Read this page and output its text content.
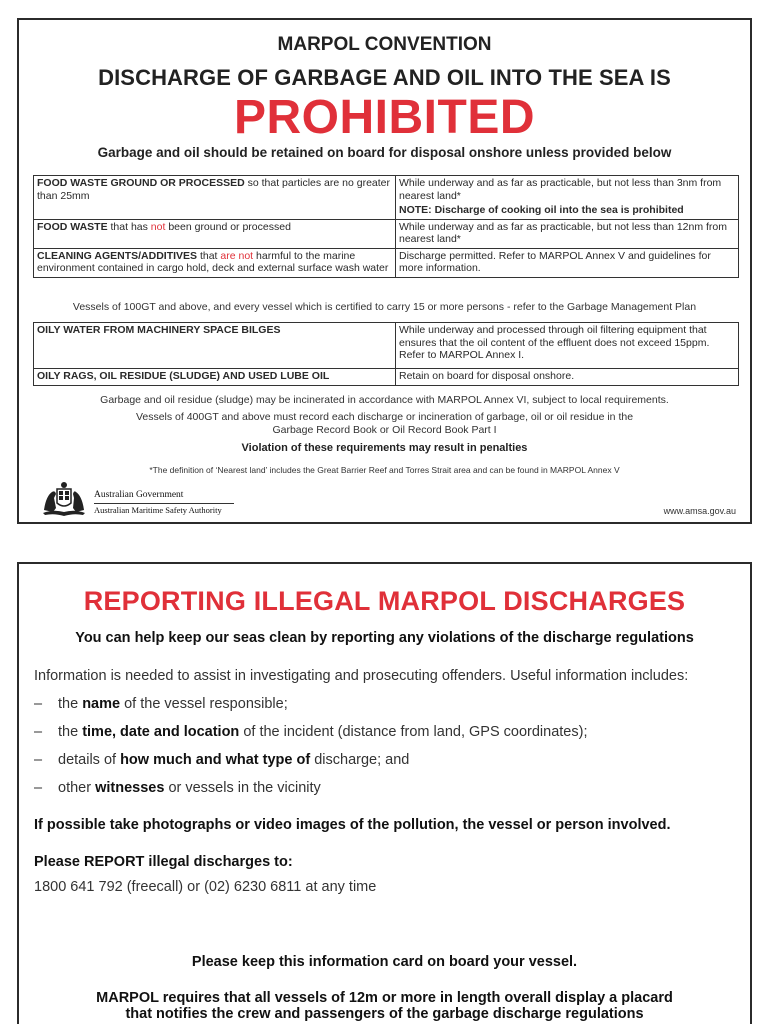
MARPOL CONVENTION
DISCHARGE OF GARBAGE AND OIL INTO THE SEA IS
PROHIBITED
Garbage and oil should be retained on board for disposal onshore unless provided below
FOOD WASTE GROUND OR PROCESSED so that particles are no greater than 25mm	While underway and as far as practicable, but not less than 3nm from nearest land*
NOTE: Discharge of cooking oil into the sea is prohibited

FOOD WASTE that has not been ground or processed	While underway and as far as practicable, but not less than 12nm from nearest land*

CLEANING AGENTS/ADDITIVES that are not harmful to the marine environment contained in cargo hold, deck and external surface wash water	Discharge permitted. Refer to MARPOL Annex V and guidelines for more information.
Vessels of 100GT and above, and every vessel which is certified to carry 15 or more persons - refer to the Garbage Management Plan
OILY WATER FROM MACHINERY SPACE BILGES	While underway and processed through oil filtering equipment that ensures that the oil content of the effluent does not exceed 15ppm. Refer to MARPOL Annex I.
OILY RAGS, OIL RESIDUE (SLUDGE) AND USED LUBE OIL	Retain on board for disposal onshore.
Garbage and oil residue (sludge) may be incinerated in accordance with MARPOL Annex VI, subject to local requirements.
Vessels of 400GT and above must record each discharge or incineration of garbage, oil or oil residue in the
Garbage Record Book or Oil Record Book Part I
Violation of these requirements may result in penalties
*The definition of ‘Nearest land’ includes the Great Barrier Reef and Torres Strait area and can be found in MARPOL Annex V
Australian Government
Australian Maritime Safety Authority	www.amsa.gov.au
REPORTING ILLEGAL MARPOL DISCHARGES
You can help keep our seas clean by reporting any violations of the discharge regulations
Information is needed to assist in investigating and prosecuting offenders. Useful information includes:
– the name of the vessel responsible;
– the time, date and location of the incident (distance from land, GPS coordinates);
– details of how much and what type of discharge; and
– other witnesses or vessels in the vicinity
If possible take photographs or video images of the pollution, the vessel or person involved.
Please REPORT illegal discharges to:
1800 641 792 (freecall) or (02) 6230 6811 at any time
Please keep this information card on board your vessel.
MARPOL requires that all vessels of 12m or more in length overall display a placard
that notifies the crew and passengers of the garbage discharge regulations
